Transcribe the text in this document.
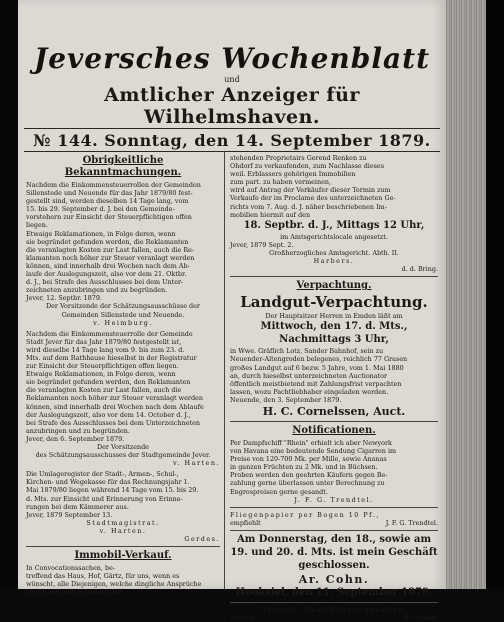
Jeversches Wochenblatt
und
Amtlicher Anzeiger für Wilhelmshaven.
№ 144. Sonntag, den 14. September 1879.
Obrigkeitliche Bekanntmachungen.

Nachdem die Einkommensteuerrollen der Gemeinden

Sillenstede und Neuende für das Jahr 1879/80 fest-

gestellt sind, werden dieselben 14 Tage lang, vom

15. bis 29. September d. J. bei den Gemeinde-

vorstehern zur Einsicht der Steuerpflichtigen offen

liegen.

Etwaige Reklamationen, in Folge deren, wenn

sie begründet gefunden werden, die Reklamanten

die veranlagten Kosten zur Last fallen, auch die Re-

klamanten noch höher zur Steuer veranlagt werden

können, sind innerhalb drei Wochen nach dem Ab-

laufe der Auslegungszeit, also vor dem 21. Oktbr.

d. J., bei Strafe des Ausschlusses bei dem Unter-

zeichneten anzubringen und zu begründen.

Jever, 12. Septbr. 1879.

Der Vorsitzende der Schätzungsausschüsse der

Gemeinden Sillenstede und Neuende.

v. Heimburg.

Nachdem die Einkommensteuerrolle der Gemeinde

Stadt Jever für das Jahr 1879/80 festgestellt ist,

wird dieselbe 14 Tage lang vom 9. bis zum 23. d.

Mts. auf dem Rathhause hieselbst in der Registratur

zur Einsicht der Steuerpflichtigen offen liegen.

Etwaige Reklamationen, in Folge deren, wenn

sie begründet gefunden werden, den Reklamanten

die veranlagten Kosten zur Last fallen, auch die

Reklamanten noch höher zur Steuer veranlagt werden

können, sind innerhalb drei Wochen nach dem Ablaufe

der Auslegungszeit, also vor dem 14. October d. J.,

bei Strafe des Ausschlusses bei dem Unterzeichneten

anzubringen und zu begründen.

Jever, den 6. September 1879.

Der Vorsitzende

des Schätzungsausschusses der Stadtgemeinde Jever.

v. Harten.

Die Umlageregister der Stadt-, Armen-, Schul-,

Kirchen- und Wegekasse für das Rechnungsjahr 1.

Mai 1879/80 liegen während 14 Tage vom 15. bis 29.

d. Mts. zur Einsicht und Erinnerung von Erinne-

rungen bei dem Kämmerer aus.

Jever, 1879 September 13.

Stadtmagistrat.

v. Harten.

Gerdes.

Immobil-Verkauf.

In Convocationssachen, be-

treffend das Haus, Hof, Gärtz, für uns, wenn es

wünscht, alle Diejenigen, welche dingliche Ansprüche

an die von dem Erben des ver-

stehenden Proprietairs Gerend Renken zu

Ohdorf zu verkaufenden, zum Nachlasse dieses

weil. Erblassers gehörigen Immobilien

zum part. zu haben vermeinen,

wird auf Antrag der Verkäufer dieser Termin zum

Verkaufe der im Proclame des unterzeichneten Ge-

richts vom 7. Aug. d. J. näher beschriebenen Im-

mobilien hiermit auf den

18. Septbr. d. J., Mittags 12 Uhr,

im Amtsgerichtslocale angesetzt.

Jever, 1879 Sept. 2.

Großherzogliches Amtsgericht. Abth. II.

Harbers.

d. d. Bring.

Verpachtung.
Landgut-Verpachtung.

Der Hauptsitzer Herren in Emden läßt am

Mittwoch, den 17. d. Mts.,
Nachmittags 3 Uhr,

in Wwe. Gräflich Lotz, Sander Bahnhof, sein zu

Neuender-Altengroden belegenes, reichlich 77 Grasen

großes Landgut auf 6 bezw. 5 Jahre, vom 1. Mai 1880

an, durch hieselbst unterzeichneten Auctionator

öffentlich meistbietend mit Zahlungsfrist verpachten

lassen, wozu Pachtliebhaber eingeladen werden.

Neuende, den 3. September 1879.

H. C. Cornelssen, Auct.
Notificationen.

Per Dampfschiff "Rhein" erhielt ich aber Newyork

von Havana eine bedeutende Sendung Cigarren im

Preise von 120-700 Mk. per Mille, sowie Ananas

in ganzen Früchten zu 2 Mk. und in Büchsen.

Proben werden den geehrten Käufern gegen Be-

zahlung gerne überlassen unter Berechnung zu

Engrospreisen gerne gesandt.

J. F. G. Trendtel.

Fliegenpapier per Bogen 10 Pf.,
empfiehlt	J. F. G. Trendtel.
Am Donnerstag, den 18., sowie am
19. und 20. d. Mts. ist mein Geschäft
geschlossen.
Ar. Cohn.
Hooksiel, den 11. September 1879.

Gesucht. Zwei Zimmergesellen.

Wiefels.	B. Tapken.
